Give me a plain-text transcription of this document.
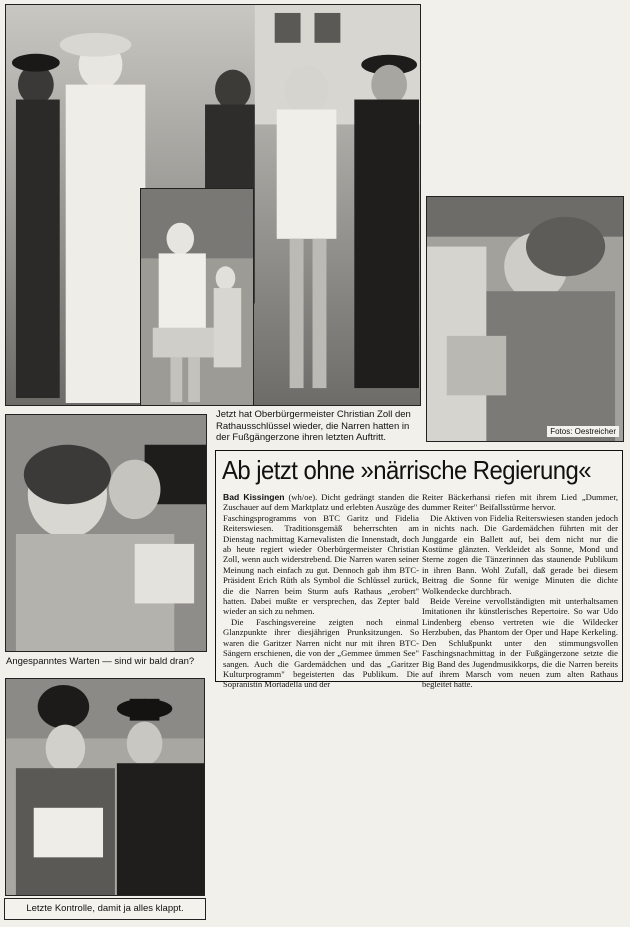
Fotos: Oestreicher
Jetzt hat Oberbürgermeister Christian Zoll den Rathausschlüssel wieder, die Narren hatten in der Fußgängerzone ihren letzten Auftritt.
Angespanntes Warten — sind wir bald dran?
Letzte Kontrolle, damit ja alles klappt.
Ab jetzt ohne »närrische Regierung«

Bad Kissingen (wh/oe). Dicht gedrängt standen die Zuschauer auf dem Marktplatz und erlebten Auszüge des Faschingsprogramms von BTC Garitz und Fidelia Reiterswiesen. Traditionsgemäß beherrschten am Dienstag nachmittag Karnevalisten die Innenstadt, doch ab heute regiert wieder Oberbürgermeister Christian Zoll, wenn auch widerstrebend. Die Narren waren seiner Meinung nach einfach zu gut. Dennoch gab ihm BTC-Präsident Erich Rüth als Symbol die Schlüssel zurück, die die Narren beim Sturm aufs Rathaus „erobert" hatten. Dabei mußte er versprechen, das Zepter bald wieder an sich zu nehmen.

Die Faschingsvereine zeigten noch einmal Glanzpunkte ihrer diesjährigen Prunksitzungen. So waren die Garitzer Narren nicht nur mit ihren BTC-Sängern erschienen, die von der „Gemmee ümmen See" sangen. Auch die Gardemädchen und das „Garitzer Kulturprogramm" begeisterten das Publikum. Die Sopranistin Mortadella und der

Reiter Bäckerhansi riefen mit ihrem Lied „Dummer, dummer Reiter" Beifallsstürme hervor.

Die Aktiven von Fidelia Reiterswiesen standen jedoch in nichts nach. Die Gardemädchen führten mit der Junggarde ein Ballett auf, bei dem nicht nur die Kostüme glänzten. Verkleidet als Sonne, Mond und Sterne zogen die Tänzerinnen das staunende Publikum in ihren Bann. Wohl Zufall, daß gerade bei diesem Beitrag die Sonne für wenige Minuten die dichte Wolkendecke durchbrach.

Beide Vereine vervollständigten mit unterhaltsamen Imitationen ihr künstlerisches Repertoire. So war Udo Lindenberg ebenso vertreten wie die Wildecker Herzbuben, das Phantom der Oper und Hape Kerkeling. Den Schlußpunkt unter den stimmungsvollen Faschingsnachmittag in der Fußgängerzone setzte die Big Band des Jugendmusikkorps, die die Narren bereits auf ihrem Marsch vom neuen zum alten Rathaus begleitet hatte.
